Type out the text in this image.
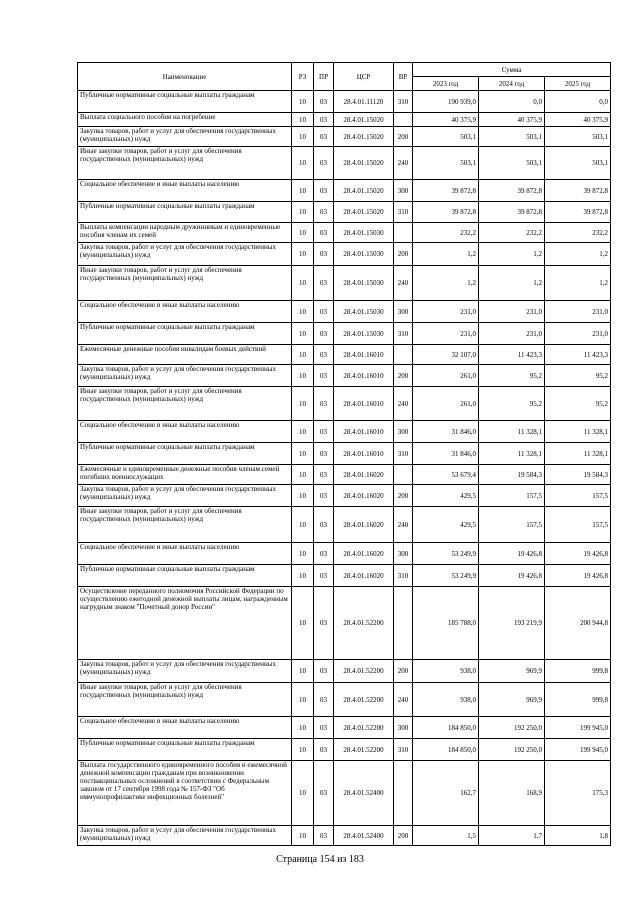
Наименование	РЗ	ПР	ЦСР	ВР	Сумма		
					2023 год	2024 год	2025 год
Публичные нормативные социальные выплаты гражданам	10	03	28.4.01.11120	310	190 939,0	0,0	0,0
Выплата социального пособия на погребение	10	03	28.4.01.15020		40 375,9	40 375,9	40 375,9
Закупка товаров, работ и услуг для обеспечения государственных (муниципальных) нужд	10	03	28.4.01.15020	200	503,1	503,1	503,1
Иные закупки товаров, работ и услуг для обеспечения государственных (муниципальных) нужд	10	03	28.4.01.15020	240	503,1	503,1	503,1
Социальное обеспечение и иные выплаты населению	10	03	28.4.01.15020	300	39 872,8	39 872,8	39 872,8
Публичные нормативные социальные выплаты гражданам	10	03	28.4.01.15020	310	39 872,8	39 872,8	39 872,8
Выплаты компенсации народным дружинникам и единовременные пособия членам их семей	10	03	28.4.01.15030		232,2	232,2	232,2
Закупка товаров, работ и услуг для обеспечения государственных (муниципальных) нужд	10	03	28.4.01.15030	200	1,2	1,2	1,2
Иные закупки товаров, работ и услуг для обеспечения государственных (муниципальных) нужд	10	03	28.4.01.15030	240	1,2	1,2	1,2
Социальное обеспечение и иные выплаты населению	10	03	28.4.01.15030	300	231,0	231,0	231,0
Публичные нормативные социальные выплаты гражданам	10	03	28.4.01.15030	310	231,0	231,0	231,0
Ежемесячные денежные пособия инвалидам боевых действий	10	03	28.4.01.16010		32 107,0	11 423,3	11 423,3
Закупка товаров, работ и услуг для обеспечения государственных (муниципальных) нужд	10	03	28.4.01.16010	200	261,0	95,2	95,2
Иные закупки товаров, работ и услуг для обеспечения государственных (муниципальных) нужд	10	03	28.4.01.16010	240	261,0	95,2	95,2
Социальное обеспечение и иные выплаты населению	10	03	28.4.01.16010	300	31 846,0	11 328,1	11 328,1
Публичные нормативные социальные выплаты гражданам	10	03	28.4.01.16010	310	31 846,0	11 328,1	11 328,1
Ежемесячные и единовременные денежные пособия членам семей погибших военнослужащих	10	03	28.4.01.16020		53 679,4	19 584,3	19 584,3
Закупка товаров, работ и услуг для обеспечения государственных (муниципальных) нужд	10	03	28.4.01.16020	200	429,5	157,5	157,5
Иные закупки товаров, работ и услуг для обеспечения государственных (муниципальных) нужд	10	03	28.4.01.16020	240	429,5	157,5	157,5
Социальное обеспечение и иные выплаты населению	10	03	28.4.01.16020	300	53 249,9	19 426,8	19 426,8
Публичные нормативные социальные выплаты гражданам	10	03	28.4.01.16020	310	53 249,9	19 426,8	19 426,8
Осуществление переданного полномочия Российской Федерации по осуществлению ежегодной денежной выплаты лицам, награжденным нагрудным знаком "Почетный донор России"	10	03	28.4.01.52200		185 788,0	193 219,9	200 944,8
Закупка товаров, работ и услуг для обеспечения государственных (муниципальных) нужд	10	03	28.4.01.52200	200	938,0	969,9	999,8
Иные закупки товаров, работ и услуг для обеспечения государственных (муниципальных) нужд	10	03	28.4.01.52200	240	938,0	969,9	999,8
Социальное обеспечение и иные выплаты населению	10	03	28.4.01.52200	300	184 850,0	192 250,0	199 945,0
Публичные нормативные социальные выплаты гражданам	10	03	28.4.01.52200	310	184 850,0	192 250,0	199 945,0
Выплата государственного единовременного пособия и ежемесячной денежной компенсации гражданам при возникновении поствакцинальных осложнений в соответствии с Федеральным законом от 17 сентября 1998 года № 157-ФЗ "Об иммунопрофилактике инфекционных болезней"	10	03	28.4.01.52400		162,7	168,9	175,3
Закупка товаров, работ и услуг для обеспечения государственных (муниципальных) нужд	10	03	28.4.01.52400	200	1,5	1,7	1,8
Страница 154 из 183
